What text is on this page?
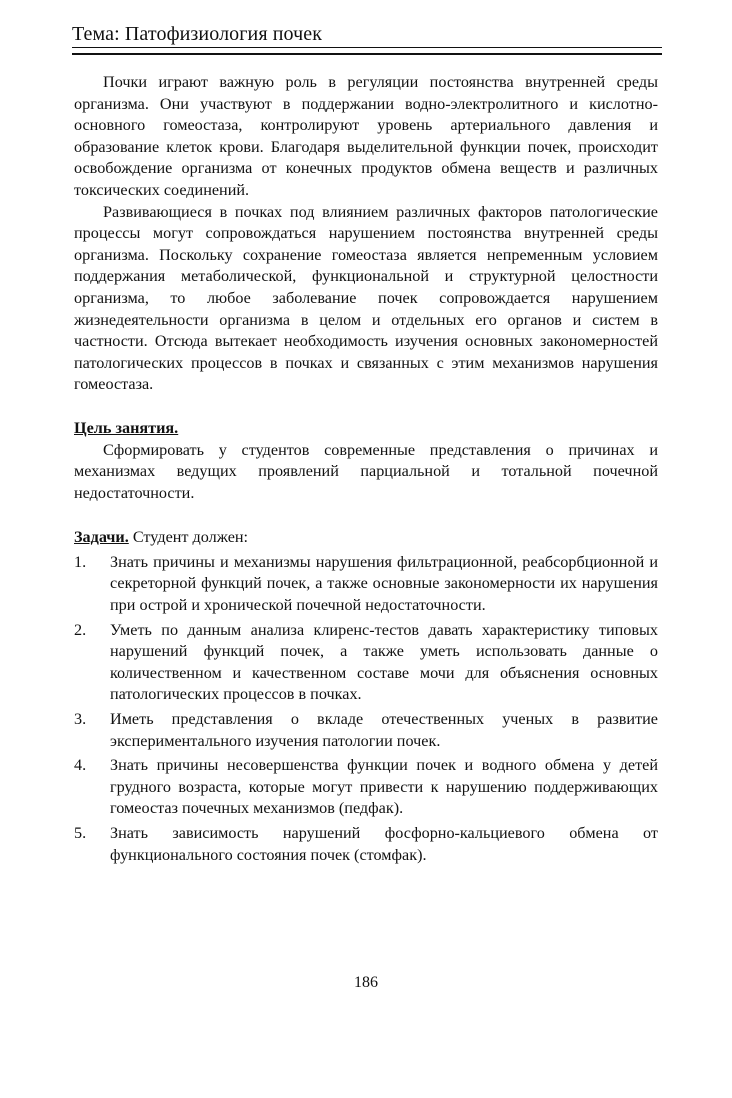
Тема: Патофизиология почек

Почки играют важную роль в регуляции постоянства внутренней среды организма. Они участвуют в поддержании водно-электролитного и кислотно-основного гомеостаза, контролируют уровень артериального давления и образование клеток крови. Благодаря выделительной функции почек, происходит освобождение организма от конечных продуктов обмена веществ и различных токсических соединений.

Развивающиеся в почках под влиянием различных факторов патологические процессы могут сопровождаться нарушением постоянства внутренней среды организма. Поскольку сохранение гомеостаза является непременным условием поддержания метаболической, функциональной и структурной целостности организма, то любое заболевание почек сопровождается нарушением жизнедеятельности организма в целом и отдельных его органов и систем в частности. Отсюда вытекает необходимость изучения основных закономерностей патологических процессов в почках и связанных с этим механизмов нарушения гомеостаза.

Цель занятия.

Сформировать у студентов современные представления о причинах и механизмах ведущих проявлений парциальной и тотальной почечной недостаточности.

Задачи. Студент должен:

1. Знать причины и механизмы нарушения фильтрационной, реабсорбционной и секреторной функций почек, а также основные закономерности их нарушения при острой и хронической почечной недостаточности.
2. Уметь по данным анализа клиренс-тестов давать характеристику типовых нарушений функций почек, а также уметь использовать данные о количественном и качественном составе мочи для объяснения основных патологических процессов в почках.
3. Иметь представления о вкладе отечественных ученых в развитие экспериментального изучения патологии почек.
4. Знать причины несовершенства функции почек и водного обмена у детей грудного возраста, которые могут привести к нарушению поддерживающих гомеостаз почечных механизмов (педфак).
5. Знать зависимость нарушений фосфорно-кальциевого обмена от функционального состояния почек (стомфак).
186
